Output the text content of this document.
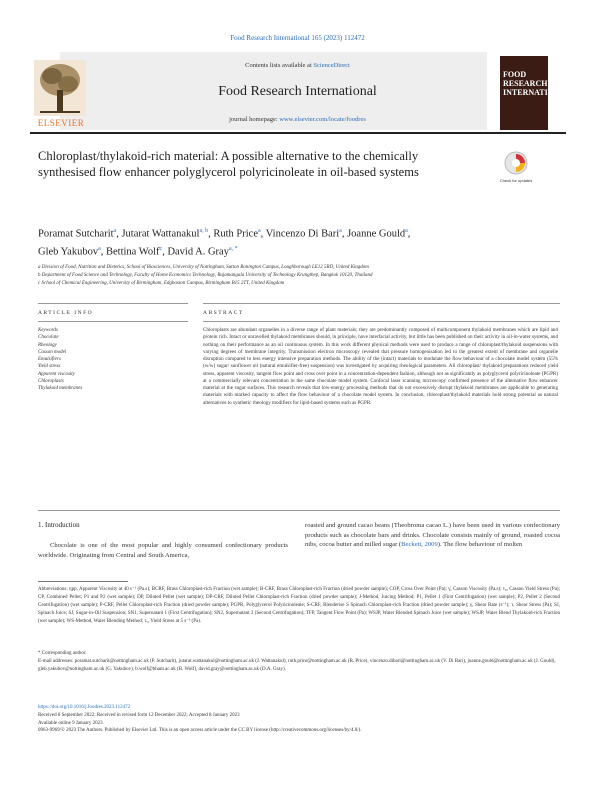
Food Research International 165 (2023) 112472
ELSEVIER
Contents lists available at ScienceDirect
Food Research International
journal homepage: www.elsevier.com/locate/foodres
FOOD RESEARCH INTERNATIONAL
Chloroplast/thylakoid-rich material: A possible alternative to the chemically synthesised flow enhancer polyglycerol polyricinoleate in oil-based systems
Check for updates
Poramat Sutcharit$^a$, Jutarat Wattanakul$^{a, b}$, Ruth Price$^a$, Vincenzo Di Bari$^a$, Joanne Gould$^a$,
Gleb Yakubov$^a$, Bettina Wolf$^c$, David A. Gray$^{a, *}$
a Division of Food, Nutrition and Dietetics, School of Biosciences, University of Nottingham, Sutton Bonington Campus, Loughborough LE12 5RD, United Kingdom
b Department of Food Science and Technology, Faculty of Home Economics Technology, Rajamangala University of Technology Krungthep, Bangkok 10120, Thailand
c School of Chemical Engineering, University of Birmingham, Edgbaston Campus, Birmingham B15 2TT, United Kingdom
ARTICLE INFO	ABSTRACT
Keywords
Chocolate
Rheology
Casson model
Emulsifiers
Yield stress
Apparent viscosity
Chloroplasts
Thylakoid membranes
Chloroplasts are abundant organelles in a diverse range of plant materials; they are predominantly composed of multicomponent thylakoid membranes which are lipid and protein rich. Intact or unravelled thylakoid membranes should, in principle, have interfacial activity, but little has been published on their activity in oil-in-water systems, and nothing on their performance as an oil continuous system. In this work different physical methods were used to produce a range of chloroplast/thylakoid suspensions with varying degrees of membrane integrity. Transmission electron microscopy revealed that pressure homogenisation led to the greatest extent of membrane and organelle disruption compared to less energy intensive preparation methods. The ability of the (intact) materials to modulate the flow behaviour of a chocolate model system (55% (w/w) sugar/ sunflower oil (natural emulsifier-free) suspension) was investigated by acquiring rheological parameters. All chloroplast/ thylakoid preparations reduced yield stress, apparent viscosity, tangent flow point and cross over point in a concentration-dependent fashion, although not as significantly as polyglycerol polyricinoleate (PGPR) at a commercially relevant concentration in the same chocolate model system. Confocal laser scanning microscopy confirmed presence of the alternative flow enhancer material at the sugar surfaces. This research reveals that low-energy processing methods that do not excessively disrupt thylakoid membranes are applicable to generating materials with marked capacity to affect the flow behaviour of a chocolate model system. In conclusion, chloroplast/thylakoid materials hold strong potential as natural alternatives to synthetic rheology modifiers for lipid-based systems such as PGPR.
1. Introduction
Chocolate is one of the most popular and highly consumed confectionary products worldwide. Originating from Central and South America,
roasted and ground cacao beans (Theobroma cacao L.) have been used in various confectionary products such as chocolate bars and drinks. Chocolate consists mainly of ground, roasted cocoa nibs, cocoa butter and milled sugar (Beckett, 2009). The flow behaviour of molten
Abbreviations: ηpp, Apparent Viscosity at 40 s⁻¹ (Pa.s); BCRF, Brass Chloroplast-rich Fraction (wet sample); B-CRF, Brass Chloroplast-rich Fraction (dried powder sample); COP, Cross Over Point (Pa); γ̇, Casson Viscosity (Pa.s); τ₀, Casson Yield Stress (Pa); CP, Combined Pellet; P1 and P2 (wet sample); DP, Diluted Pellet (wet sample); DP-CRF, Diluted Pellet Chloroplast-rich Fraction (dried powder sample); J-Method, Juicing Method; P1, Pellet 1 (First Centrifugation) (wet sample); P2, Pellet 2 (Second Centrifugation) (wet sample); P-CRF, Pellet Chloroplast-rich Fraction (dried powder sample); PGPR, Polyglycerol Polyricinoleate; S-CRF, Blenderise S Spinach Chloroplast-rich Fraction (dried powder sample); γ̇, Shear Rate (s⁻¹); τ, Shear Stress (Pa); SJ, Spinach Juice; SJ, Sugar-in-Oil Suspension; SN1, Supernatant 1 (First Centrifugation); SN2, Supernatant 2 (Second Centrifugation); TFP, Tangent Flow Point (Pa); WSJP, Water Blended Spinach Juice (wet sample); WSJP, Water Blend Thylakoid-rich Fraction (wet sample); WS-Method, Water Blending Method; τᵧ, Yield Stress at 5 s⁻¹ (Pa).
* Corresponding author.
E-mail addresses: poramat.sutcharit@nottingham.ac.uk (P. Sutcharit), jutarat.wattanakul@nottingham.ac.uk (J. Wattanakul), ruth.price@nottingham.ac.uk (R. Price), vincenzo.dibari@nottingham.ac.uk (V. Di Bari), joanne.gould@nottingham.ac.uk (J. Gould), gleb.yakubov@nottingham.ac.uk (G. Yakubov), b.wolf@bham.ac.uk (B. Wolf), david.gray@nottingham.ac.uk (D.A. Gray).
https://doi.org/10.1016/j.foodres.2023.112472
Received 8 September 2022; Received in revised form 12 December 2022; Accepted 8 January 2023
Available online 9 January 2023
0963-9969/© 2023 The Authors. Published by Elsevier Ltd. This is an open access article under the CC BY license (http://creativecommons.org/licenses/by/4.0/).
